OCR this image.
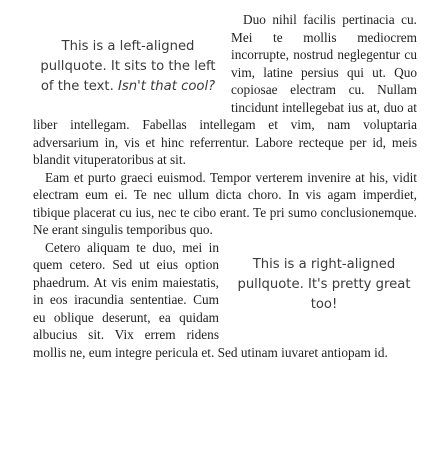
This is a left-aligned pullquote. It sits to the left of the text. Isn't that cool?

Duo nihil facilis pertinacia cu. Mei te mollis mediocrem incorrupte, nostrud neglegentur cu vim, latine persius qui ut. Quo copiosae electram cu. Nullam tincidunt intellegebat ius at, duo at liber intellegam. Fabellas intellegam et vim, nam voluptaria adversarium in, vis et hinc referrentur. Labore recteque per id, meis blandit vituperatoribus at sit.

Eam et purto graeci euismod. Tempor verterem invenire at his, vidit electram eum ei. Te nec ullum dicta choro. In vis agam imperdiet, tibique placerat cu ius, nec te cibo erant. Te pri sumo conclusionemque. Ne erant singulis temporibus quo.

This is a right-aligned pullquote. It's pretty great too!

Cetero aliquam te duo, mei in quem cetero. Sed ut eius option phaedrum. At vis enim maiestatis, in eos iracundia sententiae. Cum eu oblique deserunt, ea quidam albucius sit. Vix errem ridens mollis ne, eum integre pericula et. Sed utinam iuvaret antiopam id.
